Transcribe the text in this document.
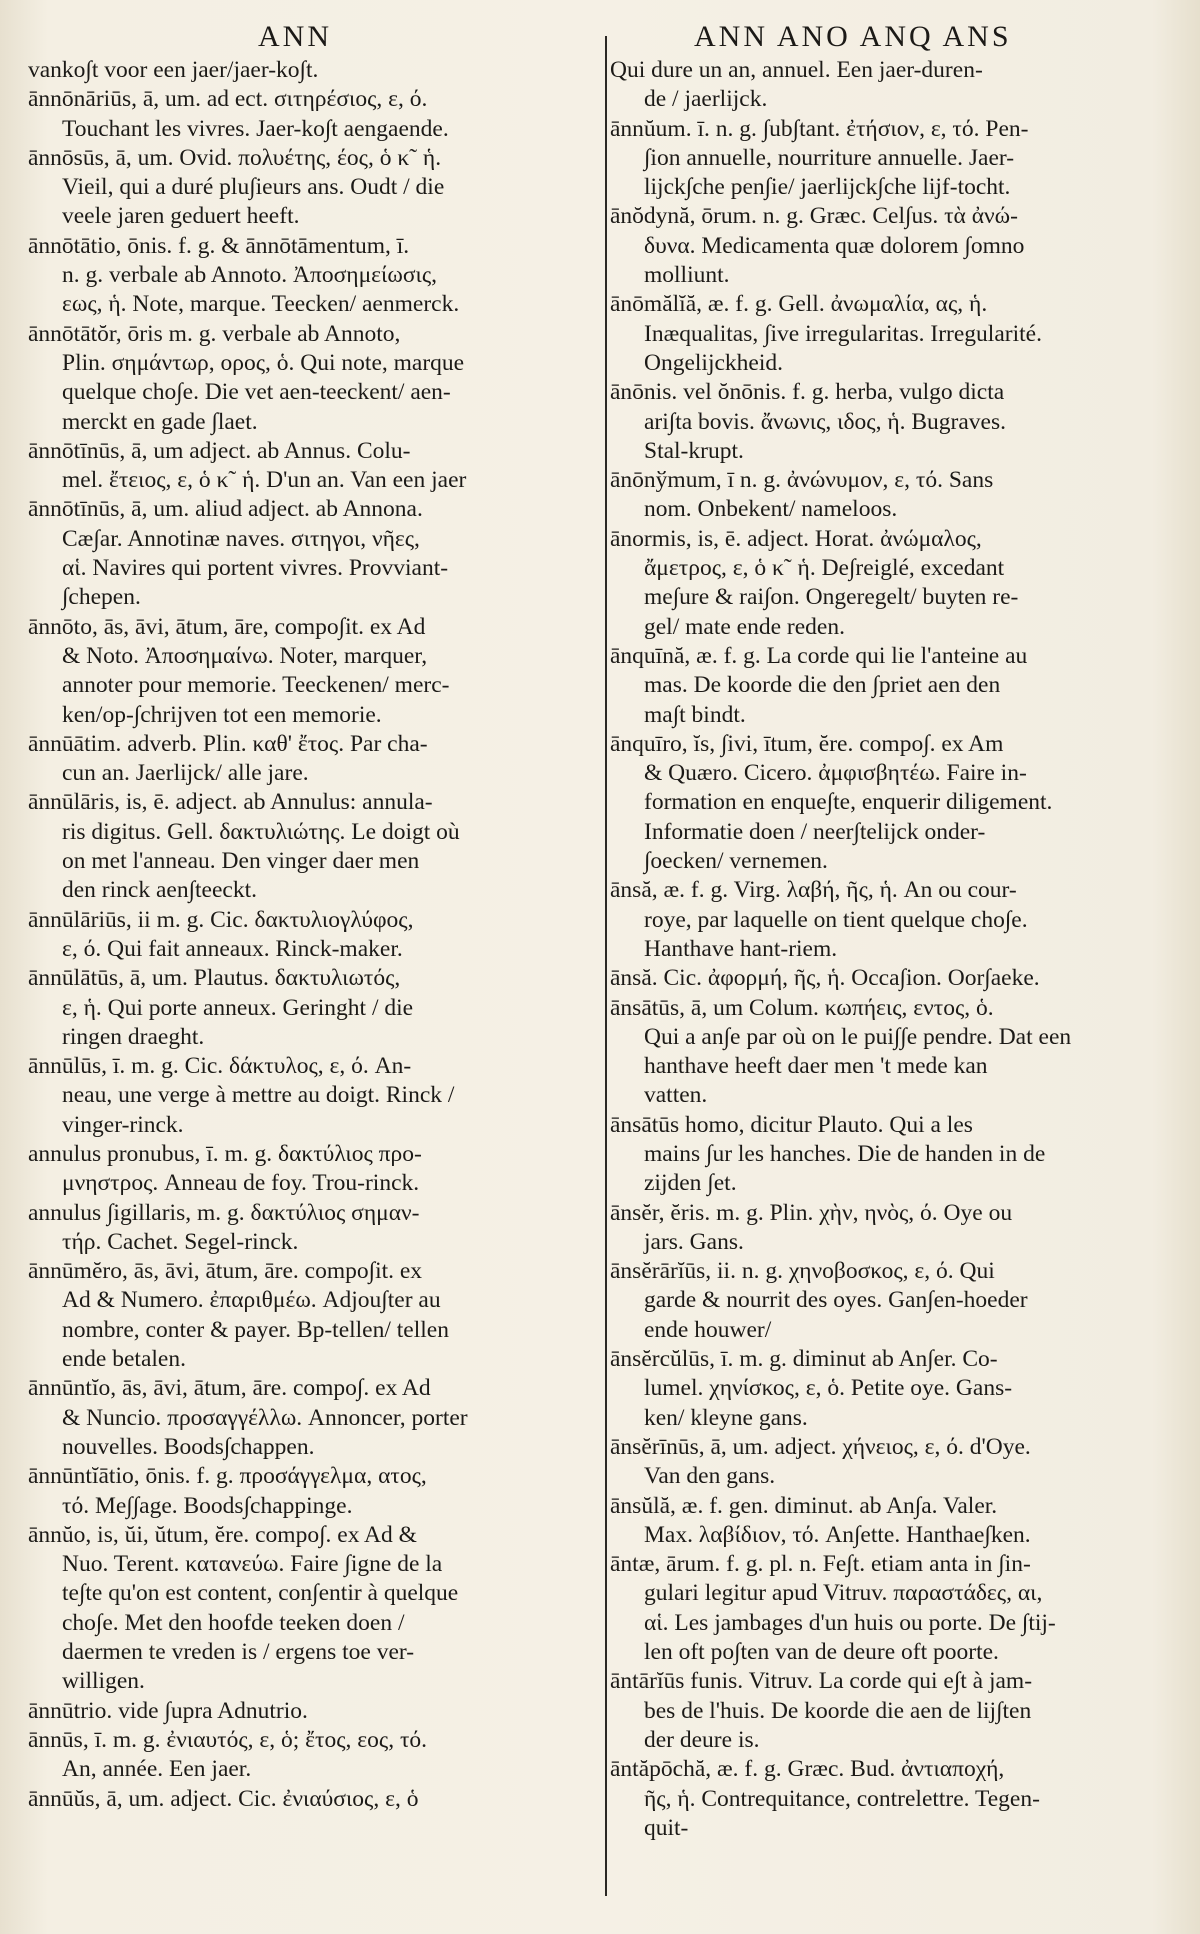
ANN	ANN ANO ANQ ANS
vanko∫t voor een jaer/jaer-ko∫t.
ānnōnāriūs, ā, um. ad ect. σιτηρέσιος, ε, ό.
Touchant les vivres. Jaer-ko∫t aengaende.
ānnōsūs, ā, um. Ovid. πολυέτης, έος, ὁ κ῀ ἡ.
Vieil, qui a duré plu∫ieurs ans. Oudt / die
veele jaren geduert heeft.
ānnōtātio, ōnis. f. g. & ānnōtāmentum, ī.
n. g. verbale ab Annoto. Ἀποσημείωσις,
εως, ἡ. Note, marque. Teecken/ aenmerck.
ānnōtātŏr, ōris m. g. verbale ab Annoto,
Plin. σημάντωρ, ορος, ὁ. Qui note, marque
quelque cho∫e. Die vet aen-teeckent/ aen-
merckt en gade ∫laet.
ānnōtīnūs, ā, um adject. ab Annus. Colu-
mel. ἔτειος, ε, ὁ κ῀ ἡ. D'un an. Van een jaer
ānnōtīnūs, ā, um. aliud adject. ab Annona.
Cæ∫ar. Annotinæ naves. σιτηγοι, νῆες,
αἱ. Navires qui portent vivres. Provviant-
∫chepen.
ānnōto, ās, āvi, ātum, āre, compo∫it. ex Ad
& Noto. Ἀποσημαίνω. Noter, marquer,
annoter pour memorie. Teeckenen/ merc-
ken/op-∫chrijven tot een memorie.
ānnūātim. adverb. Plin. καθ' ἔτος. Par cha-
cun an. Jaerlijck/ alle jare.
ānnūlāris, is, ē. adject. ab Annulus: annula-
ris digitus. Gell. δακτυλιώτης. Le doigt où
on met l'anneau. Den vinger daer men
den rinck aen∫teeckt.
ānnūlāriūs, ii m. g. Cic. δακτυλιογλύφος,
ε, ό. Qui fait anneaux. Rinck-maker.
ānnūlātūs, ā, um. Plautus. δακτυλιωτός,
ε, ἡ. Qui porte anneux. Geringht / die
ringen draeght.
ānnūlūs, ī. m. g. Cic. δάκτυλος, ε, ό. An-
neau, une verge à mettre au doigt. Rinck /
vinger-rinck.
annulus pronubus, ī. m. g. δακτύλιος προ-
μνηστρος. Anneau de foy. Trou-rinck.
annulus ∫igillaris, m. g. δακτύλιος σημαν-
τήρ. Cachet. Segel-rinck.
ānnūmĕro, ās, āvi, ātum, āre. compo∫it. ex
Ad & Numero. ἐπαριθμέω. Adjou∫ter au
nombre, conter & payer. Bp-tellen/ tellen
ende betalen.
ānnūntĭo, ās, āvi, ātum, āre. compo∫. ex Ad
& Nuncio. προσαγγέλλω. Annoncer, porter
nouvelles. Boods∫chappen.
ānnūntĭātio, ōnis. f. g. προσάγγελμα, ατος,
τό. Me∫∫age. Boods∫chappinge.
ānnŭo, is, ŭi, ŭtum, ĕre. compo∫. ex Ad &
Nuo. Terent. κατανεύω. Faire ∫igne de la
te∫te qu'on est content, con∫entir à quelque
cho∫e. Met den hoofde teeken doen /
daermen te vreden is / ergens toe ver-
willigen.
ānnūtrio. vide ∫upra Adnutrio.
ānnūs, ī. m. g. ἐνιαυτός, ε, ὁ; ἔτος, εος, τό.
An, année. Een jaer.
ānnūŭs, ā, um. adject. Cic. ἐνιαύσιος, ε, ὁ
Qui dure un an, annuel. Een jaer-duren-
de / jaerlijck.
ānnŭum. ī. n. g. ∫ub∫tant. ἐτήσιον, ε, τό. Pen-
∫ion annuelle, nourriture annuelle. Jaer-
lijck∫che pen∫ie/ jaerlijck∫che lijf-tocht.
ānŏdynă, ōrum. n. g. Græc. Cel∫us. τὰ ἀνώ-
δυνα. Medicamenta quæ dolorem ∫omno
molliunt.
ānōmălĭă, æ. f. g. Gell. ἀνωμαλία, ας, ἡ.
Inæqualitas, ∫ive irregularitas. Irregularité.
Ongelijckheid.
ānōnis. vel ŏnōnis. f. g. herba, vulgo dicta
ari∫ta bovis. ἄνωνις, ιδος, ἡ. Bugraves.
Stal-krupt.
ānōnўmum, ī n. g. ἀνώνυμον, ε, τό. Sans
nom. Onbekent/ nameloos.
ānormis, is, ē. adject. Horat. ἀνώμαλος,
ἄμετρος, ε, ὁ κ῀ ἡ. De∫reiglé, excedant
me∫ure & rai∫on. Ongeregelt/ buyten re-
gel/ mate ende reden.
ānquīnă, æ. f. g. La corde qui lie l'anteine au
mas. De koorde die den ∫priet aen den
ma∫t bindt.
ānquīro, ĭs, ∫ivi, ītum, ĕre. compo∫. ex Am
& Quæro. Cicero. ἀμφισβητέω. Faire in-
formation en enque∫te, enquerir diligement.
Informatie doen / neer∫telijck onder-
∫oecken/ vernemen.
ānsă, æ. f. g. Virg. λαβή, ῆς, ἡ. An ou cour-
roye, par laquelle on tient quelque cho∫e.
Hanthave hant-riem.
ānsă. Cic. ἀφορμή, ῆς, ἡ. Occa∫ion. Oor∫aeke.
ānsātūs, ā, um Colum. κωπήεις, εντος, ὁ.
Qui a an∫e par où on le pui∫∫e pendre. Dat een
hanthave heeft daer men 't mede kan
vatten.
ānsātūs homo, dicitur Plauto. Qui a les
mains ∫ur les hanches. Die de handen in de
zijden ∫et.
ānsĕr, ĕris. m. g. Plin. χὴν, ηνὸς, ό. Oye ou
jars. Gans.
ānsĕrārĭūs, ii. n. g. χηνοβοσκος, ε, ό. Qui
garde & nourrit des oyes. Gan∫en-hoeder
ende houwer/
ānsĕrcŭlūs, ī. m. g. diminut ab An∫er. Co-
lumel. χηνίσκος, ε, ὁ. Petite oye. Gans-
ken/ kleyne gans.
ānsĕrīnūs, ā, um. adject. χήνειος, ε, ό. d'Oye.
Van den gans.
ānsŭlă, æ. f. gen. diminut. ab An∫a. Valer.
Max. λαβίδιον, τό. An∫ette. Hanthae∫ken.
āntæ, ārum. f. g. pl. n. Fe∫t. etiam anta in ∫in-
gulari legitur apud Vitruv. παραστάδες, αι,
αἱ. Les jambages d'un huis ou porte. De ∫tij-
len oft po∫ten van de deure oft poorte.
āntārĭūs funis. Vitruv. La corde qui e∫t à jam-
bes de l'huis. De koorde die aen de lij∫ten
der deure is.
āntăpōchă, æ. f. g. Græc. Bud. ἀντιαποχή,
ῆς, ἡ. Contrequitance, contrelettre. Tegen-
quit-
